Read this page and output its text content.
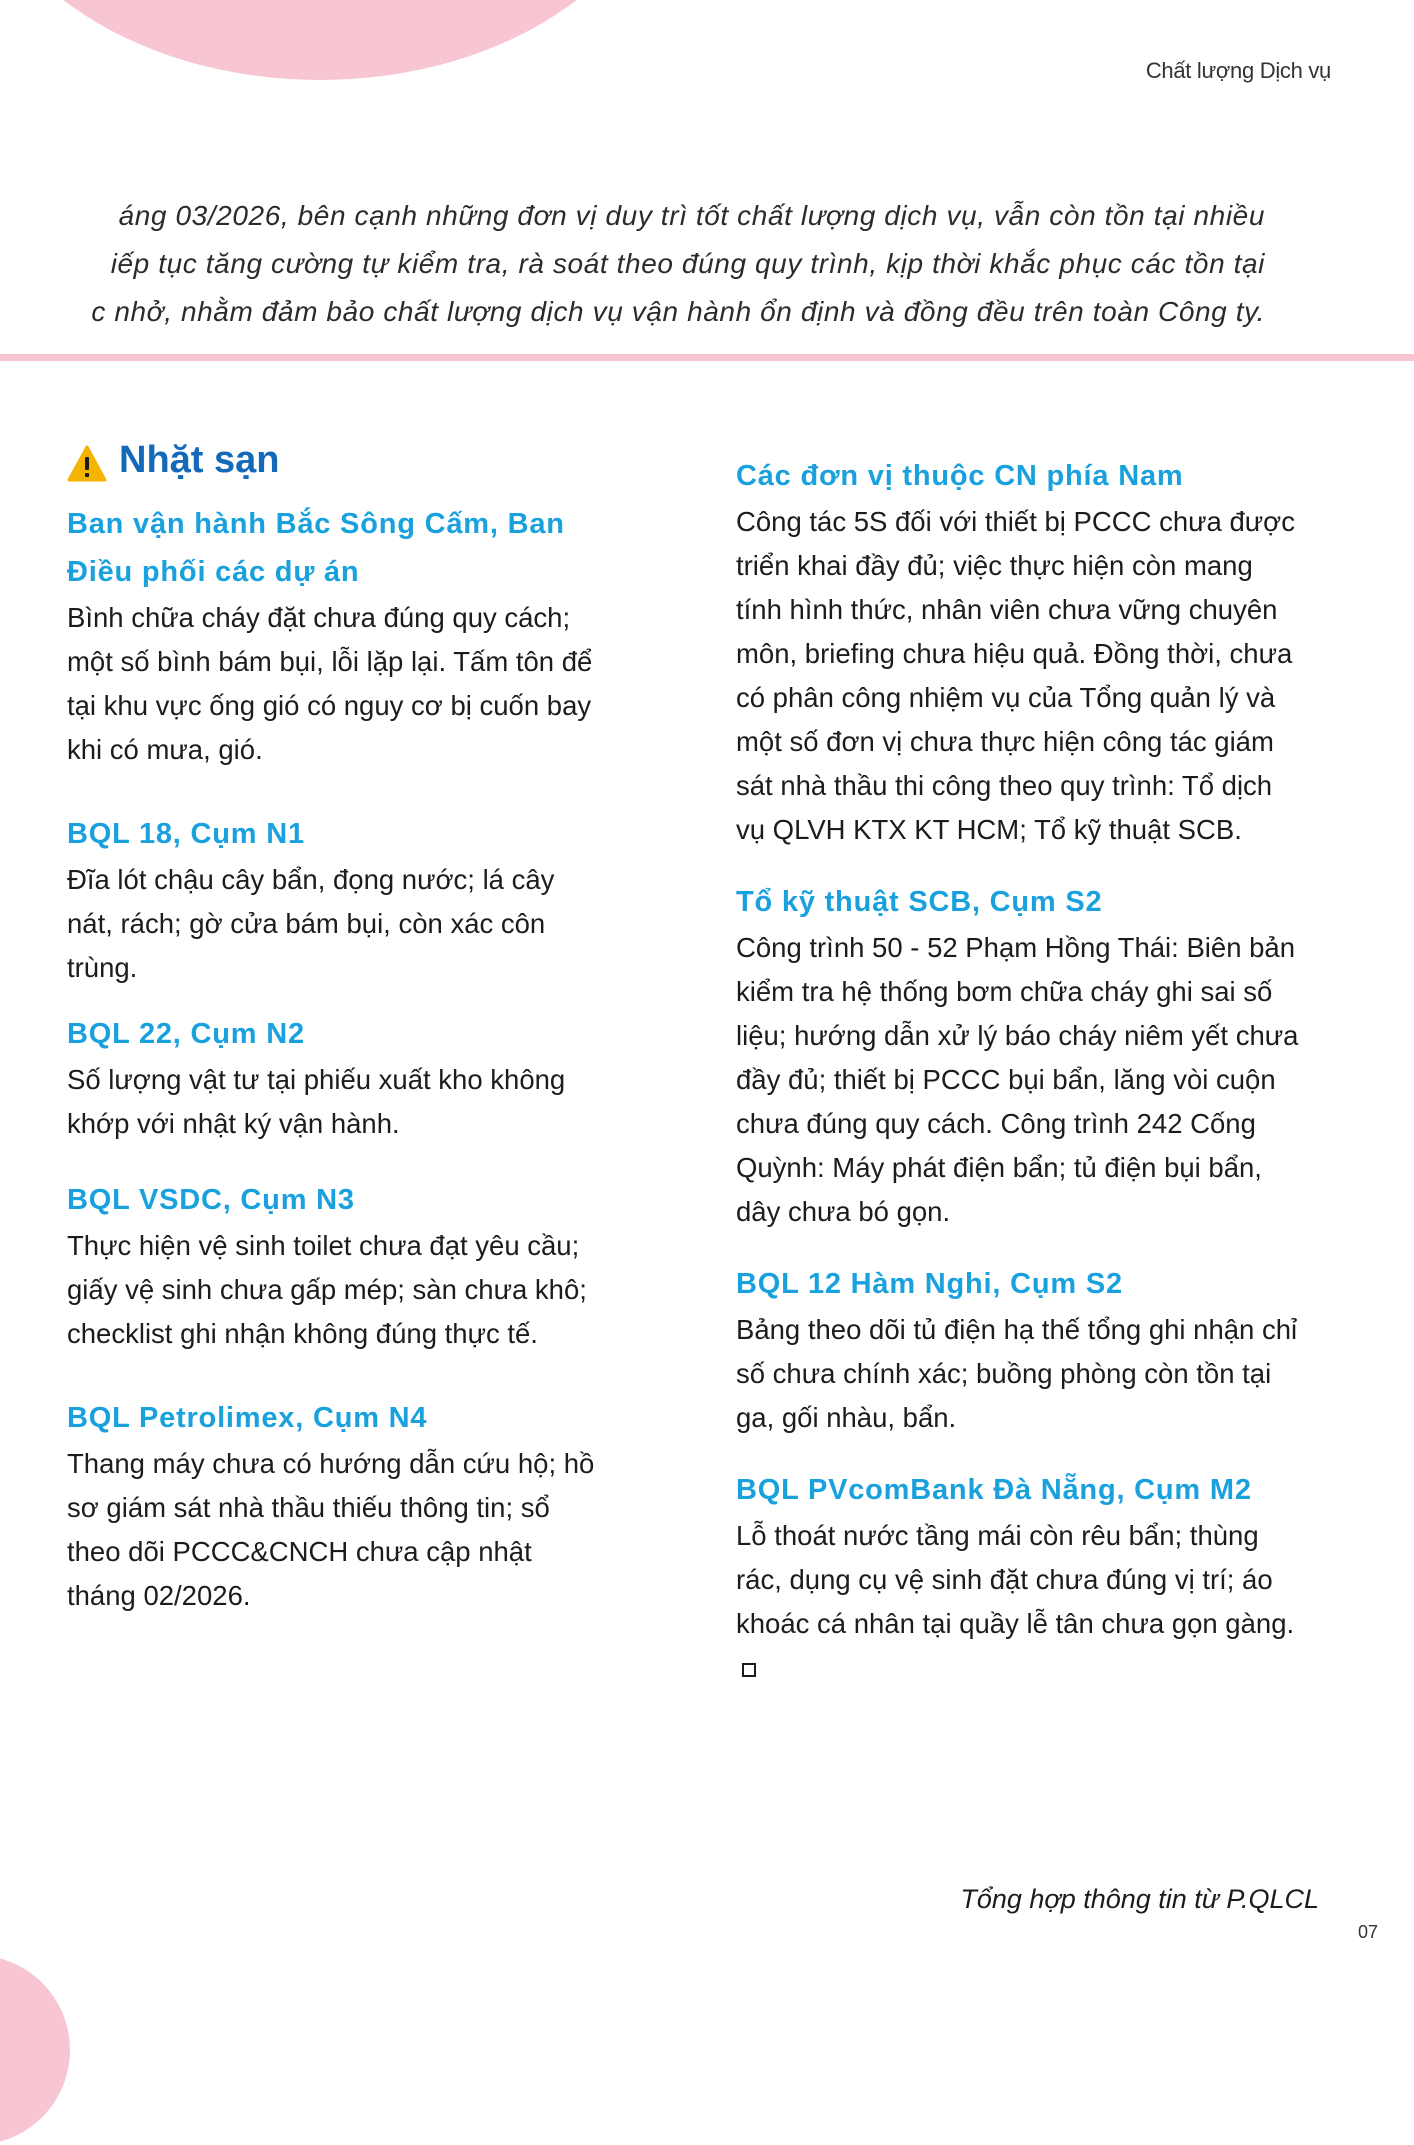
Chất lượng Dịch vụ

áng 03/2026, bên cạnh những đơn vị duy trì tốt chất lượng dịch vụ, vẫn còn tồn tại nhiều

iếp tục tăng cường tự kiểm tra, rà soát theo đúng quy trình, kịp thời khắc phục các tồn tại

c nhở, nhằm đảm bảo chất lượng dịch vụ vận hành ổn định và đồng đều trên toàn Công ty.

Nhặt sạn
Ban vận hành Bắc Sông Cấm, Ban Điều phối các dự án

Bình chữa cháy đặt chưa đúng quy cách; một số bình bám bụi, lỗi lặp lại. Tấm tôn để tại khu vực ống gió có nguy cơ bị cuốn bay khi có mưa, gió.

BQL 18, Cụm N1

Đĩa lót chậu cây bẩn, đọng nước; lá cây nát, rách; gờ cửa bám bụi, còn xác côn trùng.

BQL 22, Cụm N2

Số lượng vật tư tại phiếu xuất kho không khớp với nhật ký vận hành.

BQL VSDC, Cụm N3

Thực hiện vệ sinh toilet chưa đạt yêu cầu; giấy vệ sinh chưa gấp mép; sàn chưa khô; checklist ghi nhận không đúng thực tế.

BQL Petrolimex, Cụm N4

Thang máy chưa có hướng dẫn cứu hộ; hồ sơ giám sát nhà thầu thiếu thông tin; sổ theo dõi PCCC&CNCH chưa cập nhật tháng 02/2026.

Các đơn vị thuộc CN phía Nam

Công tác 5S đối với thiết bị PCCC chưa được triển khai đầy đủ; việc thực hiện còn mang tính hình thức, nhân viên chưa vững chuyên môn, briefing chưa hiệu quả. Đồng thời, chưa có phân công nhiệm vụ của Tổng quản lý và một số đơn vị chưa thực hiện công tác giám sát nhà thầu thi công theo quy trình: Tổ dịch vụ QLVH KTX KT HCM; Tổ kỹ thuật SCB.

Tổ kỹ thuật SCB, Cụm S2

Công trình 50 - 52 Phạm Hồng Thái: Biên bản kiểm tra hệ thống bơm chữa cháy ghi sai số liệu; hướng dẫn xử lý báo cháy niêm yết chưa đầy đủ; thiết bị PCCC bụi bẩn, lăng vòi cuộn chưa đúng quy cách. Công trình 242 Cống Quỳnh: Máy phát điện bẩn; tủ điện bụi bẩn, dây chưa bó gọn.

BQL 12 Hàm Nghi, Cụm S2

Bảng theo dõi tủ điện hạ thế tổng ghi nhận chỉ số chưa chính xác; buồng phòng còn tồn tại ga, gối nhàu, bẩn.

BQL PVcomBank Đà Nẵng, Cụm M2

Lỗ thoát nước tầng mái còn rêu bẩn; thùng rác, dụng cụ vệ sinh đặt chưa đúng vị trí; áo khoác cá nhân tại quầy lễ tân chưa gọn gàng.

Tổng hợp thông tin từ P.QLCL
07
